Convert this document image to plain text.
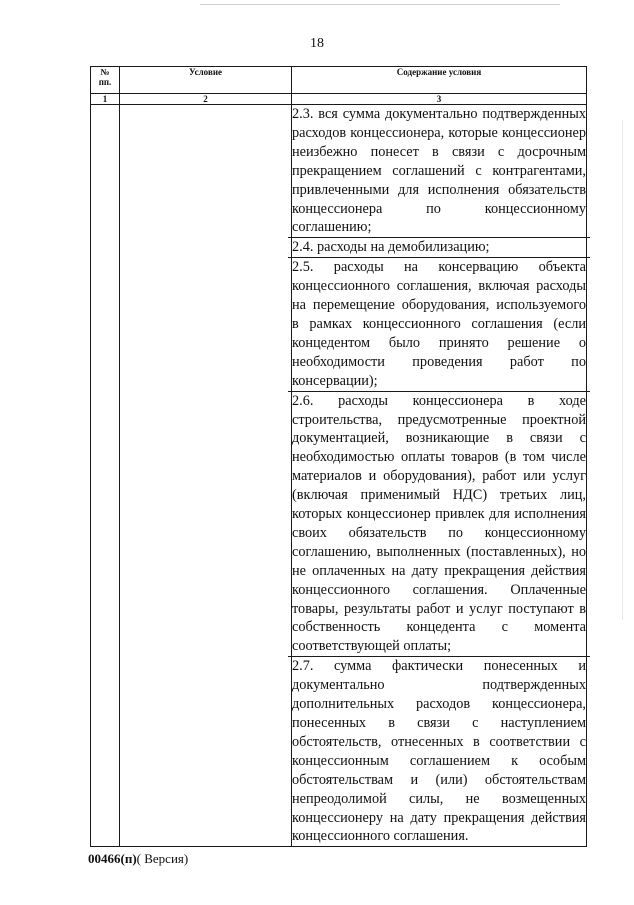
18
№
пп.	Условие	Содержание условия
1	2	3

		2.3. вся сумма документально подтвержденных расходов концессионера, которые концессионер неизбежно понесет в связи с досрочным прекращением соглашений с контрагентами, привлеченными для исполнения обязательств концессионера по концессионному соглашению;

2.4. расходы на демобилизацию;

2.5. расходы на консервацию объекта концессионного соглашения, включая расходы на перемещение оборудования, используемого в рамках концессионного соглашения (если концедентом было принято решение о необходимости проведения работ по консервации);

2.6. расходы концессионера в ходе строительства, предусмотренные проектной документацией, возникающие в связи с необходимостью оплаты товаров (в том числе материалов и оборудования), работ или услуг (включая применимый НДС) третьих лиц, которых концессионер привлек для исполнения своих обязательств по концессионному соглашению, выполненных (поставленных), но не оплаченных на дату прекращения действия концессионного соглашения. Оплаченные товары, результаты работ и услуг поступают в собственность концедента с момента соответствующей оплаты;

2.7. сумма фактически понесенных и документально подтвержденных дополнительных расходов концессионера, понесенных в связи с наступлением обстоятельств, отнесенных в соответствии с концессионным соглашением к особым обстоятельствам и (или) обстоятельствам непреодолимой силы, не возмещенных концессионеру на дату прекращения действия концессионного соглашения.

00466(п)( Версия)
